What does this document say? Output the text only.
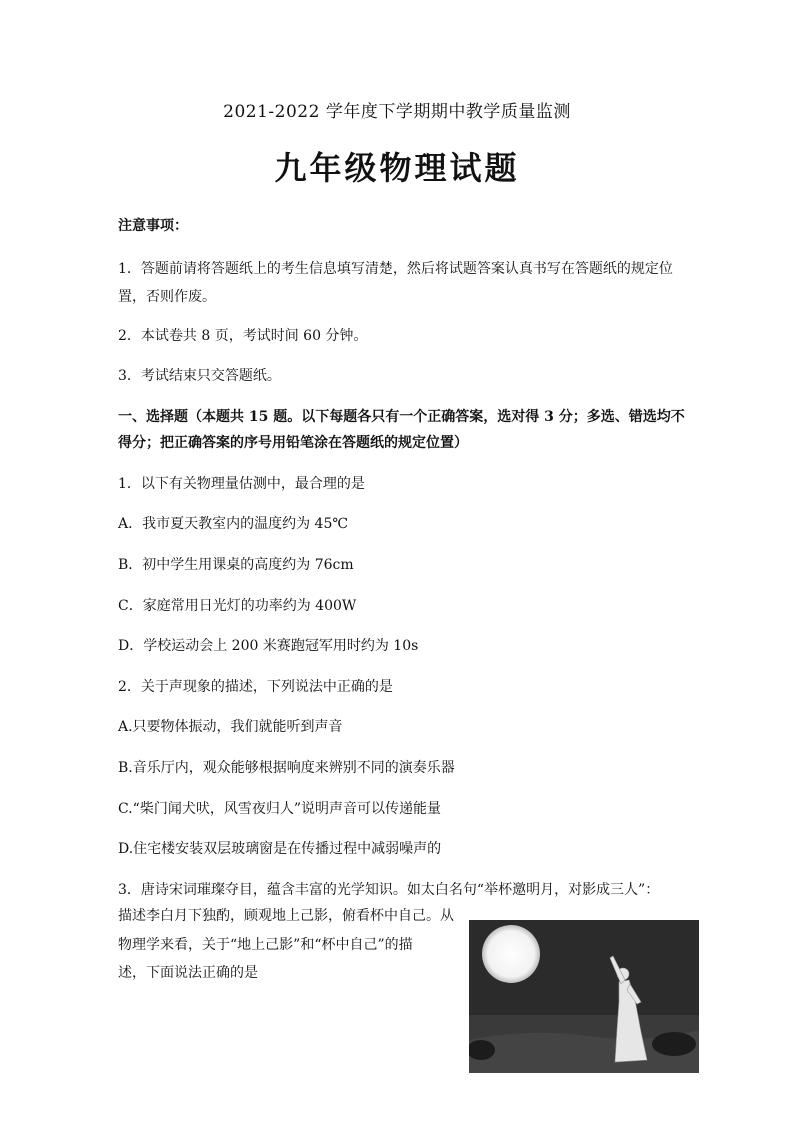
2021-2022 学年度下学期期中教学质量监测
九年级物理试题
注意事项：
1．答题前请将答题纸上的考生信息填写清楚，然后将试题答案认真书写在答题纸的规定位
置，否则作废。
2．本试卷共 8 页，考试时间 60 分钟。
3．考试结束只交答题纸。
一、选择题（本题共 15 题。以下每题各只有一个正确答案，选对得 3 分；多选、错选均不
得分；把正确答案的序号用铅笔涂在答题纸的规定位置）
1．以下有关物理量估测中，最合理的是
A．我市夏天教室内的温度约为 45℃
B．初中学生用课桌的高度约为 76cm
C．家庭常用日光灯的功率约为 400W
D．学校运动会上 200 米赛跑冠军用时约为 10s
2．关于声现象的描述，下列说法中正确的是
A.只要物体振动，我们就能听到声音
B.音乐厅内，观众能够根据响度来辨别不同的演奏乐器
C.“柴门闻犬吠，风雪夜归人”说明声音可以传递能量
D.住宅楼安装双层玻璃窗是在传播过程中减弱噪声的
3．唐诗宋词璀璨夺目，蕴含丰富的光学知识。如太白名句“举杯邀明月，对影成三人”：
描述李白月下独酌，顾观地上己影，俯看杯中自己。从
物理学来看，关于“地上己影”和“杯中自己”的描
述，下面说法正确的是
